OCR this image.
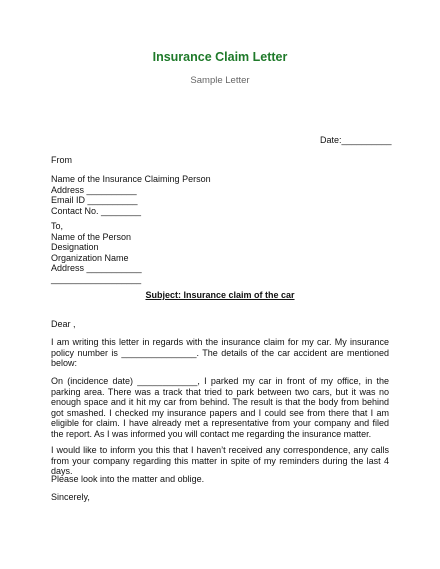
Insurance Claim Letter
Sample Letter
Date:__________
From
Name of the Insurance Claiming Person
Address __________
Email ID __________
Contact No. ________
To,
Name of the Person
Designation
Organization Name
Address ___________
__________________
Subject: Insurance claim of the car
Dear ,
I am writing this letter in regards with the insurance claim for my car. My insurance policy number is _______________. The details of the car accident are mentioned below:
On (incidence date) ____________, I parked my car in front of my office, in the parking area. There was a track that tried to park between two cars, but it was no enough space and it hit my car from behind. The result is that the body from behind got smashed. I checked my insurance papers and I could see from there that I am eligible for claim. I have already met a representative from your company and filed the report. As I was informed you will contact me regarding the insurance matter.
I would like to inform you this that I haven’t received any correspondence, any calls from your company regarding this matter in spite of my reminders during the last 4 days.
Please look into the matter and oblige.
Sincerely,
